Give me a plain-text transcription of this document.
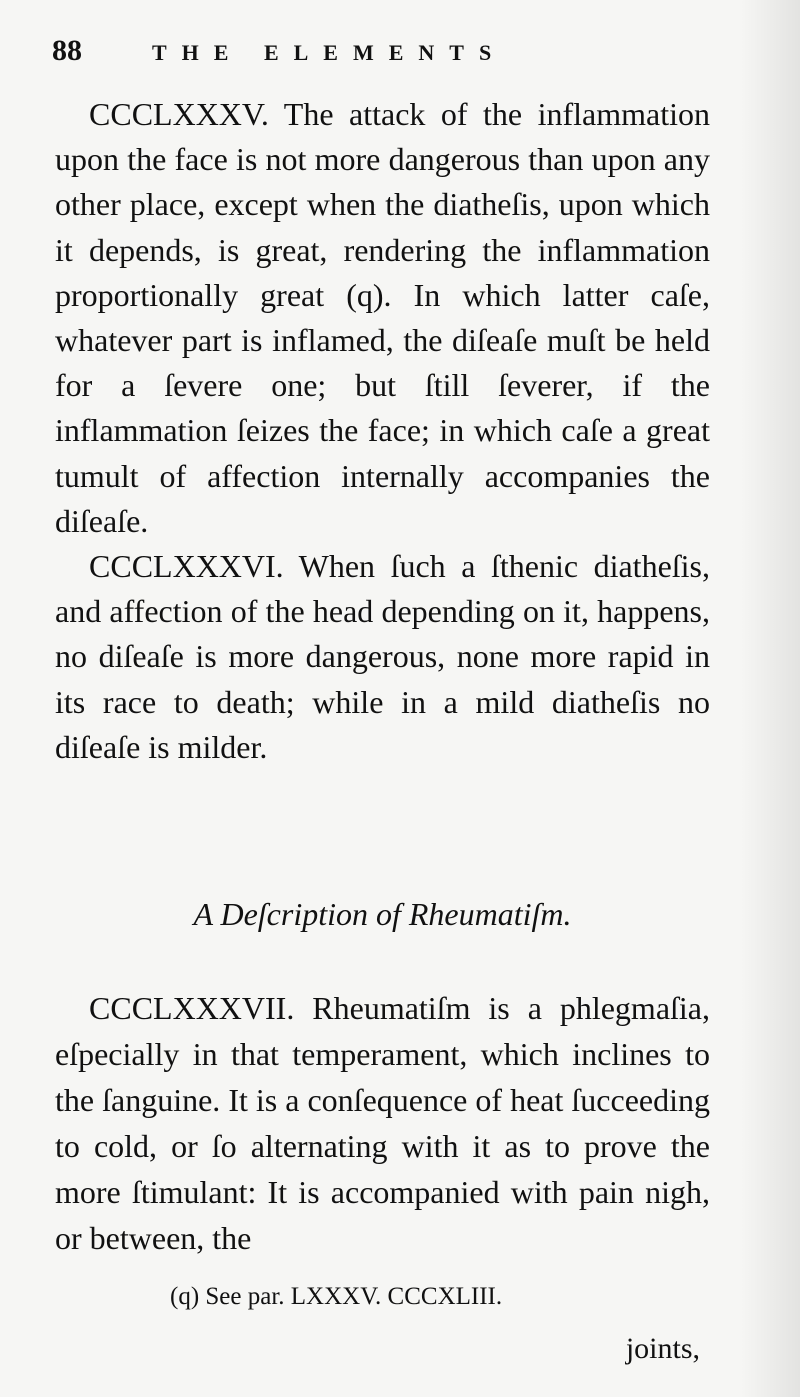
88	THE ELEMENTS

CCCLXXXV. The attack of the inflammation upon the face is not more dangerous than upon any other place, except when the diatheſis, upon which it depends, is great, rendering the inflammation proportionally great (q). In which latter caſe, whatever part is inflamed, the diſeaſe muſt be held for a ſevere one; but ſtill ſeverer, if the inflammation ſeizes the face; in which caſe a great tumult of affection internally accompanies the diſeaſe.

CCCLXXXVI. When ſuch a ſthenic diatheſis, and affection of the head depending on it, happens, no diſeaſe is more dangerous, none more rapid in its race to death; while in a mild diatheſis no diſeaſe is milder.

A Deſcription of Rheumatiſm.

CCCLXXXVII. Rheumatiſm is a phlegmaſia, eſpecially in that temperament, which inclines to the ſanguine. It is a conſequence of heat ſucceeding to cold, or ſo alternating with it as to prove the more ſtimulant: It is accompanied with pain nigh, or between, the

(q) See par. LXXXV. CCCXLIII.
joints,
